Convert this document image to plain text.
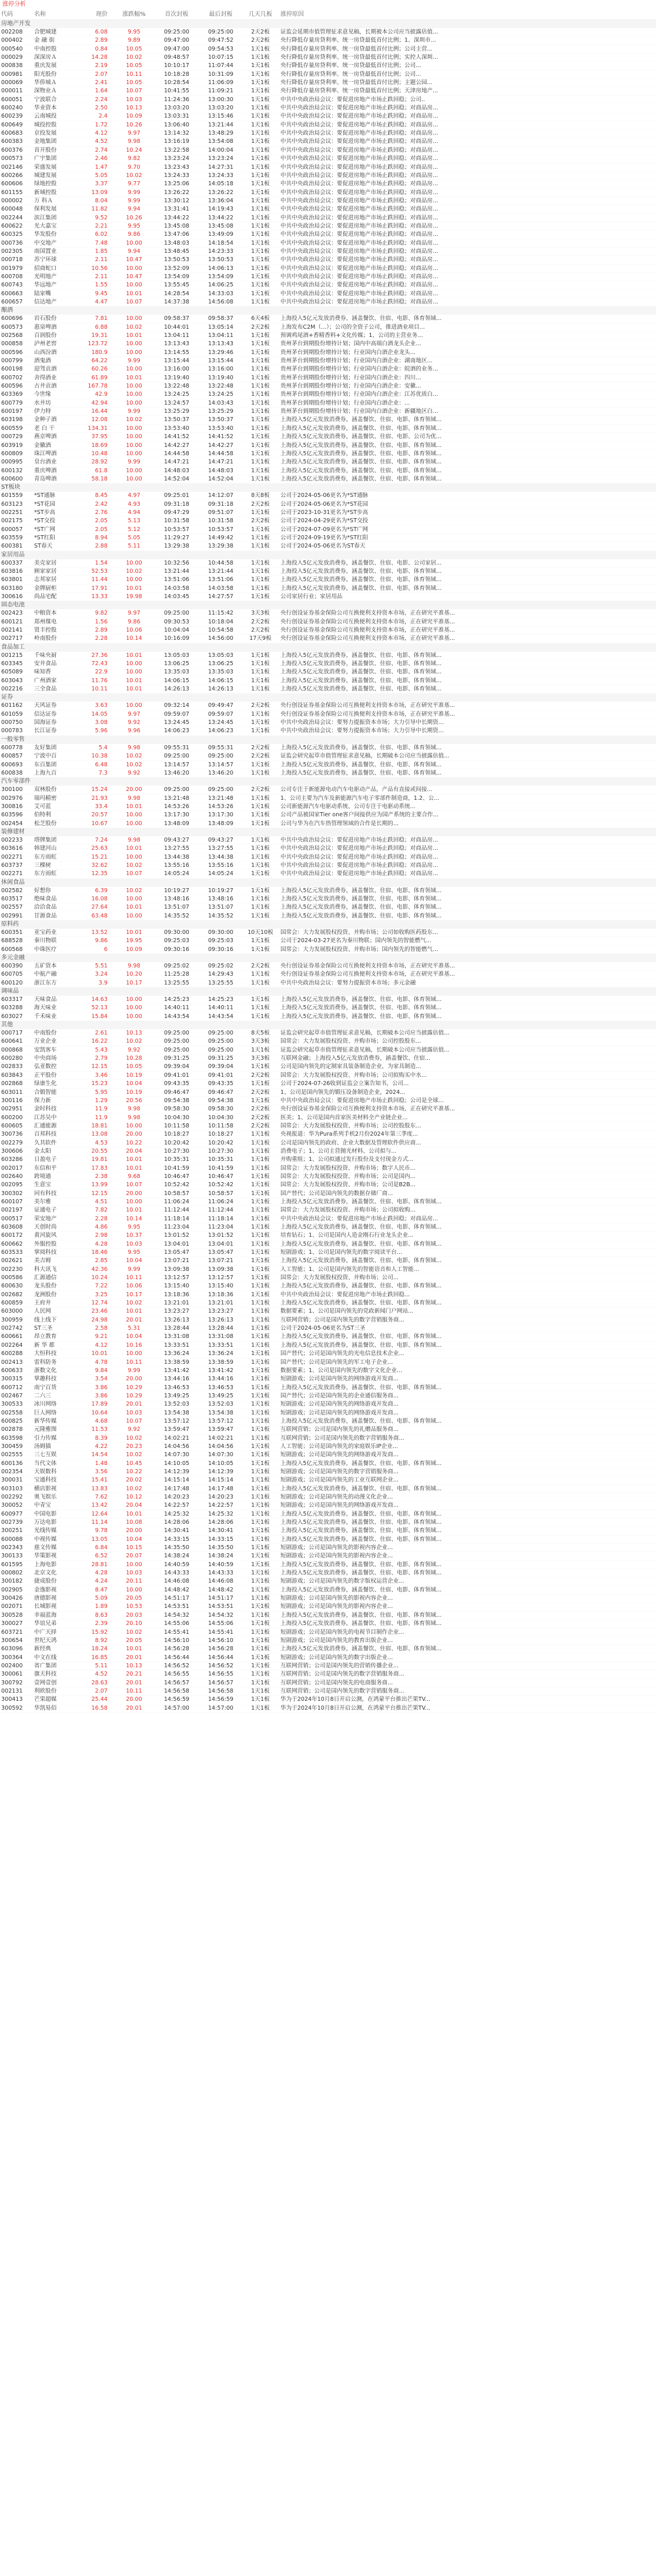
涨停分析
代码	名称	现价	涨跌幅%	首次封板	最后封板	几天几板	涨停原因
房地产开发
002208	合肥城建	6.08	9.95	09:25:00	09:25:00	2天2板	证监会延期市值管理征求意见稿，长期被本公司应当披露估值...
000402	金 融 街	2.89	9.89	09:47:00	09:47:52	2天2板	央行降低存量房贷利率、统一房贷最低首付比例；1、深圳市...
000540	中南控股	0.84	10.05	09:47:00	09:54:53	1天1板	央行降低存量房贷利率、统一房贷最低首付比例；公司主营...
000029	深深房Ａ	14.28	10.02	09:48:57	10:07:15	1天1板	央行降低存量房贷利率、统一房贷最低首付比例；实控人深圳...
000838	重庆发展	2.19	10.05	10:10:17	11:07:44	1天1板	央行降低存量房贷利率、统一房贷最低首付比例；公司...
000981	阳光股份	2.07	10.11	10:18:28	10:31:09	1天1板	央行降低存量房贷利率、统一房贷最低首付比例；公司...
000069	华侨城Ａ	2.41	10.05	10:28:54	11:06:09	1天1板	央行降低存量房贷利率、统一房贷最低首付比例；主题公园...
000011	深物业Ａ	1.64	10.07	10:41:55	11:09:21	1天1板	央行降低存量房贷利率、统一房贷最低首付比例；天津房地产...
600051	宁波联合	2.24	10.03	11:24:36	13:00:30	1天1板	中共中央政治局会议：要促进房地产市场止跌回稳；公司..
600240	华业资本	2.50	10.13	13:03:20	13:03:20	1天1板	中共中央政治局会议：要促进房地产市场止跌回稳；对商品房...
600239	云南城投	2.4	10.09	13:03:31	13:15:46	1天1板	中共中央政治局会议：要促进房地产市场止跌回稳；对商品房...
600649	城投控股	1.72	10.26	13:06:40	13:21:44	1天1板	中共中央政治局会议：要促进房地产市场止跌回稳；对商品房...
600683	京投发展	4.12	9.97	13:14:32	13:48:29	1天1板	中共中央政治局会议：要促进房地产市场止跌回稳；对商品房...
600383	金地集团	4.52	9.98	13:16:19	13:54:08	1天1板	中共中央政治局会议：要促进房地产市场止跌回稳；对商品房...
600376	首开股份	2.74	10.24	13:22:58	14:00:04	1天1板	中共中央政治局会议：要促进房地产市场止跌回稳；对商品房...
000573	广宇集团	2.46	9.82	13:23:24	13:23:24	1天1板	中共中央政治局会议：要促进房地产市场止跌回稳；对商品房...
002146	荣盛发展	1.47	9.70	13:23:43	14:27:31	1天1板	中共中央政治局会议：要促进房地产市场止跌回稳；对商品房...
600266	城建发展	5.05	10.02	13:24:33	13:24:33	1天1板	中共中央政治局会议：要促进房地产市场止跌回稳；对商品房...
600606	绿地控股	3.37	9.77	13:25:06	14:05:18	1天1板	中共中央政治局会议：要促进房地产市场止跌回稳；对商品房...
601155	新城控股	13.09	9.99	13:26:22	13:26:22	1天1板	中共中央政治局会议：要促进房地产市场止跌回稳；对商品房...
000002	万 科Ａ	8.04	9.99	13:30:12	13:36:04	1天1板	中共中央政治局会议：要促进房地产市场止跌回稳；对商品房...
600048	保利发展	11.82	9.94	13:31:41	14:19:43	1天1板	中共中央政治局会议：要促进房地产市场止跌回稳；对商品房...
002244	滨江集团	9.52	10.26	13:44:22	13:44:22	1天1板	中共中央政治局会议：要促进房地产市场止跌回稳；对商品房...
600622	光大嘉宝	2.21	9.95	13:45:08	13:45:08	1天1板	中共中央政治局会议：要促进房地产市场止跌回稳；对商品房...
600325	华发股份	6.02	9.86	13:47:06	13:49:09	1天1板	中共中央政治局会议：要促进房地产市场止跌回稳；对商品房...
000736	中交地产	7.48	10.00	13:48:03	14:18:54	1天1板	中共中央政治局会议：要促进房地产市场止跌回稳；对商品房...
002305	南国置业	1.85	9.94	13:48:45	14:23:33	1天1板	中共中央政治局会议：要促进房地产市场止跌回稳；对商品房...
000718	苏宁环球	2.11	10.47	13:50:53	13:50:53	1天1板	中共中央政治局会议：要促进房地产市场止跌回稳；对商品房...
001979	招商蛇口	10.56	10.00	13:52:09	14:06:13	1天1板	中共中央政治局会议：要促进房地产市场止跌回稳；对商品房...
600708	光明地产	2.11	10.47	13:54:09	13:54:09	1天1板	中共中央政治局会议：要促进房地产市场止跌回稳；对商品房...
600743	华远地产	1.55	10.00	13:55:45	14:06:25	1天1板	中共中央政治局会议：要促进房地产市场止跌回稳；对商品房...
600663	陆家嘴	9.45	10.01	14:28:54	14:33:03	1天1板	中共中央政治局会议：要促进房地产市场止跌回稳；对商品房...
600657	信达地产	4.47	10.07	14:37:38	14:56:08	1天1板	中共中央政治局会议：要促进房地产市场止跌回稳；对商品房...
酿酒
600696	岩石股份	7.81	10.00	09:58:37	09:58:37	6天4板	上海投入5亿元发放消费券，涵盖餐饮、住宿、电影、体育领域...
600573	惠泉啤酒	6.88	10.02	10:44:01	13:05:14	2天2板	上海发布C2M（...）；公司的全资子公司，推进酒业项目...
002568	百润股份	19.31	10.01	13:04:11	13:04:11	1天1板	预调鸡尾酒+香精香料+文化传媒；1、公司的主营业务...
000858	泸州老窖	123.72	10.00	13:13:43	13:13:43	1天1板	贵州茅台到期股份增持计划；国内中高端白酒龙头企业...
000596	山西汾酒	180.9	10.00	13:14:55	13:29:46	1天1板	贵州茅台到期股份增持计划；行业国内白酒企业龙头...
000799	酒鬼酒	64.22	9.99	13:15:44	13:15:44	1天1板	贵州茅台到期股份增持计划；行业国内白酒企业：湖南地区...
600198	迎驾贡酒	60.26	10.00	13:16:00	13:16:00	1天1板	贵州茅台到期股份增持计划；行业国内白酒企业：皖酒的业务...
600702	舍得酒业	61.89	10.01	13:19:40	13:19:40	1天1板	贵州茅台到期股份增持计划；行业国内白酒企业：四川...
600596	古井贡酒	167.78	10.00	13:22:48	13:22:48	1天1板	贵州茅台到期股份增持计划；行业国内白酒企业：安徽...
603369	今世缘	42.9	10.00	13:24:25	13:24:25	1天1板	贵州茅台到期股份增持计划；行业国内白酒企业：江苏优质白...
600779	水井坊	42.94	10.00	13:24:57	14:03:43	1天1板	贵州茅台到期股份增持计划；行业国内白酒企业：...
600197	伊力特	16.44	9.99	13:25:29	13:25:29	1天1板	贵州茅台到期股份增持计划；行业国内白酒企业：新疆地区白...
603198	金种子酒	12.08	10.02	13:50:37	13:50:37	1天1板	上海投入5亿元发放消费券，涵盖餐饮、住宿、电影、体育领域...
600559	老 白 干	134.31	10.00	13:53:40	13:53:40	1天1板	上海投入5亿元发放消费券，涵盖餐饮、住宿、电影、体育领域...
000729	燕京啤酒	37.95	10.00	14:41:52	14:41:52	1天1板	上海投入5亿元发放消费券，涵盖餐饮、住宿、电影、公司为优...
603919	金徽酒	18.69	10.00	14:42:27	14:42:27	1天1板	上海投入5亿元发放消费券，涵盖餐饮、住宿、电影、体育领域...
600809	珠江啤酒	10.48	10.00	14:44:58	14:44:58	1天1板	上海投入5亿元发放消费券，涵盖餐饮、住宿、电影、体育领域...
000995	皇台酒业	28.92	9.99	14:47:21	14:47:21	1天1板	上海投入5亿元发放消费券，涵盖餐饮、住宿、电影、体育领域...
600132	重庆啤酒	61.8	10.00	14:48:03	14:48:03	1天1板	上海投入5亿元发放消费券，涵盖餐饮、住宿、电影、体育领域...
600600	青岛啤酒	58.18	10.00	14:52:04	14:52:04	1天1板	上海投入5亿元发放消费券，涵盖餐饮、住宿、电影、体育领域...
ST板块
601559	*ST通脉	8.45	4.97	09:25:01	14:12:07	8天8板	公司于2024-05-06更名为*ST通脉
603123	*ST花园	2.42	4.93	09:31:18	09:31:18	2天2板	公司于2024-05-06更名为*ST花园
002251	*ST步高	2.76	4.94	09:47:29	09:51:07	1天1板	公司于2023-10-31更名为*ST步高
002175	*ST交投	2.05	5.13	10:31:58	10:31:58	2天2板	公司于2024-04-29更名为*ST交投
600057	*ST广网	2.05	5.12	10:53:57	10:53:57	1天1板	公司于2024-07-09更名为*ST广网
603559	*ST红阳	8.94	5.05	11:29:27	14:49:42	1天1板	公司于2024-09-19更名为*ST红阳
600381	ST春天	2.88	5.11	13:29:38	13:29:38	1天1板	公司于2024-05-06更名为ST春天
家居用品
600337	美克家居	1.54	10.00	10:32:56	10:44:58	1天1板	上海投入5亿元发放消费券，涵盖餐饮、住宿、电影、公司家居...
603816	顾家家居	52.53	10.02	13:21:44	13:21:44	1天1板	上海投入5亿元发放消费券，涵盖餐饮、住宿、电影、体育领域...
603801	志邦家居	11.44	10.00	13:51:06	13:51:06	1天1板	上海投入5亿元发放消费券，涵盖餐饮、住宿、电影、体育领域...
603180	金牌厨柜	17.91	10.01	14:03:58	14:03:58	1天1板	上海投入5亿元发放消费券，涵盖餐饮、住宿、电影、体育领域...
300616	尚品宅配	13.33	19.98	14:03:45	14:27:57	1天1板	公司家居行业；家居用品
固态电池
002423	中粮资本	9.82	9.97	09:25:00	11:15:42	3天3板	央行创设证券基金保险公司互换便利支持资本市场，正在研究平准基...
600121	郑州煤电	1.56	9.86	09:30:53	10:18:04	2天2板	央行创设证券基金保险公司互换便利支持资本市场，正在研究平准基...
002141	贤丰控股	2.89	10.06	10:04:04	10:54:58	2天2板	央行创设证券基金保险公司互换便利支持资本市场，正在研究平准基...
002717	岭南股份	2.28	10.14	10:16:09	14:56:00	17天9板	央行创设证券基金保险公司互换便利支持资本市场，正在研究平准基...
食品加工
001215	千味央厨	27.36	10.01	13:05:03	13:05:03	1天1板	上海投入5亿元发放消费券，涵盖餐饮、住宿、电影、体育领域...
603345	安井食品	72.43	10.00	13:06:25	13:06:25	1天1板	上海投入5亿元发放消费券，涵盖餐饮、住宿、电影、体育领域...
605089	味知香	22.9	10.00	13:35:03	13:35:03	1天1板	上海投入5亿元发放消费券，涵盖餐饮、住宿、电影、体育领域...
603043	广州酒家	11.76	10.01	14:06:15	14:06:15	1天1板	上海投入5亿元发放消费券，涵盖餐饮、住宿、电影、体育领域...
002216	三全食品	10.11	10.01	14:26:13	14:26:13	1天1板	上海投入5亿元发放消费券，涵盖餐饮、住宿、电影、体育领域...
证券
601162	天风证券	3.63	10.00	09:32:14	09:49:47	2天2板	央行创设证券基金保险公司互换便利支持资本市场，正在研究平准基...
601059	信达证券	14.05	9.97	09:59:07	09:59:07	1天1板	央行创设证券基金保险公司互换便利支持资本市场，正在研究平准基...
000750	国海证券	3.08	9.92	13:24:45	13:24:45	1天1板	中共中央政治局会议：要努力提振资本市场；大力引导中长期资...
000783	长江证券	5.96	9.96	14:06:23	14:06:23	1天1板	中共中央政治局会议：要努力提振资本市场；大力引导中长期资...
一般零售
600778	友好集团	5.4	9.98	09:55:31	09:55:31	2天2板	上海投入5亿元发放消费券，涵盖餐饮、住宿、电影、体育领域...
600857	宁波中百	10.38	10.02	09:25:00	09:25:00	2天2板	证监会研究起草市值管理征求意见稿，长期破本公司应当披露估值...
600693	东百集团	6.48	10.02	13:14:57	13:14:57	1天1板	上海投入5亿元发放消费券，涵盖餐饮、住宿、电影、体育领域...
600838	上海九百	7.3	9.92	13:46:20	13:46:20	1天1板	上海投入5亿元发放消费券，涵盖餐饮、住宿、电影、体育领域...
汽车零部件
300100	双林股份	15.24	20.00	09:25:00	09:25:00	2天2板	公司专注于新能源电动汽车电驱动产品，产品有直接或间接...
002976	瑞玛精密	21.93	9.98	13:21:48	13:21:48	1天1板	1、公司主要为汽车及新能源汽车电子零部件制造商，1.2、公...
300816	艾可蓝	33.4	10.01	14:53:26	14:53:26	1天1板	公司新能源汽车电驱动系统、公司专注于电驱动系统...
603596	伯特利	20.57	10.00	13:17:30	13:17:30	1天1板	公司产品被国家Tier one客户间接供应为国产系统的主要合作...
002454	松芝股份	10.67	10.00	13:48:09	13:48:09	1天1板	公司与华为在汽车热管理领域的合作是长期的...
装修建材
002233	塔牌集团	7.24	9.98	09:43:27	09:43:27	1天1板	中共中央政治局会议：要促进房地产市场止跌回稳；对商品房...
603616	韩建河山	25.63	10.01	13:27:55	13:27:55	1天1板	中共中央政治局会议：要促进房地产市场止跌回稳；对商品房...
002271	东方雨虹	15.21	10.00	13:44:38	13:44:38	1天1板	中共中央政治局会议：要促进房地产市场止跌回稳；对商品房...
603737	三棵树	32.62	10.02	13:55:16	13:55:16	1天1板	中共中央政治局会议：要促进房地产市场止跌回稳；对商品房...
002271	东方雨虹	12.35	10.07	14:05:24	14:05:24	1天1板	中共中央政治局会议：要促进房地产市场止跌回稳；对商品房...
休闲食品
002582	好想你	6.39	10.02	10:19:27	10:19:27	1天1板	上海投入5亿元发放消费券，涵盖餐饮、住宿、电影、体育领域...
603517	绝味食品	16.08	10.00	13:48:16	13:48:16	1天1板	上海投入5亿元发放消费券，涵盖餐饮、住宿、电影、体育领域...
002557	洽洽食品	27.64	10.01	13:51:07	13:51:07	1天1板	上海投入5亿元发放消费券，涵盖餐饮、住宿、电影、体育领域...
002991	甘源食品	63.48	10.00	14:35:52	14:35:52	1天1板	上海投入5亿元发放消费券，涵盖餐饮、住宿、电影、体育领域...
原料药
600351	亚宝药业	13.52	10.01	09:30:00	09:30:00	10天10板	国常会：大力发展股权投资、并购市场；公司如收购医药股东...
688528	秦川物联	9.86	19.95	09:25:03	09:25:03	1天1板	公司于2024-03-27更名为秦川物联；国内领先的智能燃气...
600568	中珠医疗	6	10.09	09:30:16	09:30:16	1天1板	国常会：大力发展股权投资、并购市场；国内领先的智能燃气...
多元金融
600390	五矿资本	5.51	9.98	09:25:02	09:25:02	2天2板	央行创设证券基金保险公司互换便利支持资本市场，正在研究平准基...
600705	中航产融	3.24	10.20	11:25:28	14:29:43	1天1板	央行创设证券基金保险公司互换便利支持资本市场，正在研究平准基...
600120	浙江东方	3.9	10.17	13:25:55	13:25:55	1天1板	中共中央政治局会议：要努力提振资本市场；多元金融
调味品
603317	天味食品	14.63	10.00	14:25:23	14:25:23	1天1板	上海投入5亿元发放消费券，涵盖餐饮、住宿、电影、体育领域...
603288	海天味业	52.13	10.00	14:40:11	14:40:11	1天1板	上海投入5亿元发放消费券，涵盖餐饮、住宿、电影、体育领域...
603027	千禾味业	15.84	10.00	14:43:54	14:43:54	1天1板	上海投入5亿元发放消费券，涵盖餐饮、住宿、电影、体育领域...
其他
000717	中南股份	2.61	10.13	09:25:00	09:25:00	8天5板	证监会研究起草市值管理征求意见稿，长期破本公司应当披露估值...
600641	万业企业	16.22	10.02	09:25:00	09:25:00	3天3板	国常会：大力发展股权投资、并购市场；公司控股股东...
000868	安凯客车	5.43	9.92	09:25:00	09:25:00	1天1板	证监会研究起草市值管理征求意见稿，长期破本公司应当披露估值...
600280	中央商场	2.79	10.28	09:31:25	09:31:25	3天3板	互联网金融；上海投入5亿元发放消费券，涵盖餐饮、住宿...
002833	弘亚数控	12.15	10.05	09:39:04	09:39:04	1天1板	公司是国内领先的定制家具装备制造企业，为家具制造...
603843	正平股份	3.46	10.19	09:41:01	09:41:01	2天2板	国常会：大力发展股权投资、并购市场；公司拟购买中水...
002868	绿康生化	15.23	10.04	09:43:35	09:43:35	1天1板	公司于2024-07-26收到证监会立案告知书，公司...
603011	合锻智能	5.95	10.19	09:46:47	09:46:47	2天2板	1、公司是国内领先的锻压设备制造企业，2024...
300116	保力新	1.29	20.56	09:54:38	09:54:38	1天1板	中共中央政治局会议：要促进房地产市场止跌回稳；公司是全球...
002951	金时科技	11.9	9.98	09:58:30	09:58:30	2天2板	央行创设证券基金保险公司互换便利支持资本市场，正在研究平准基...
600200	江苏吴中	11.9	9.98	10:04:30	10:04:30	2天2板	医美；1、公司是国内首家医美材料全产业链企业...
600605	汇通能源	18.81	10.00	10:11:58	10:11:58	2天2板	国常会：大力发展股权投资、并购市场；公司控股股东...
300736	百邦科技	13.08	20.00	10:18:27	10:18:27	1天1板	央视报道：华为Pura系列手机2月份2024年第三季度...
002279	久其软件	4.53	10.22	10:20:42	10:20:42	1天1板	公司是国内领先的政府、企业大数据及管理软件供应商...
300606	金太阳	20.55	20.04	10:27:30	10:27:30	1天1板	消费电子；1、公司主营抛光材料、公司拟与...
603286	日盈电子	19.81	10.01	10:35:31	10:35:31	1天1板	并购重组；1、公司拟通过发行股份及支付现金方式...
002017	东信和平	17.83	10.01	10:41:59	10:41:59	1天1板	国常会：大力发展股权投资、并购市场；数字人民币...
002640	跨境通	2.38	9.68	10:46:47	10:46:47	1天1板	国常会：大力发展股权投资、并购市场；公司是国内...
002095	生意宝	13.99	10.07	10:52:42	10:52:42	1天1板	国常会：大力发展股权投资、并购市场；公司是B2B...
300302	同有科技	12.15	20.00	10:58:57	10:58:57	1天1板	国产替代；公司是国内领先的数据存储厂商...
600107	美尔雅	4.51	10.00	11:06:24	11:06:24	1天1板	上海投入5亿元发放消费券，涵盖餐饮、住宿、电影、体育领域...
002197	证通电子	7.82	10.01	11:12:44	11:12:44	1天1板	国常会：大力发展股权投资、并购市场；公司拟收购...
000517	荣安地产	2.28	10.14	11:18:14	11:18:14	1天1板	中共中央政治局会议：要促进房地产市场止跌回稳；对商品房...
603608	天创时尚	4.86	9.95	11:23:04	11:23:04	1天1板	上海投入5亿元发放消费券，涵盖餐饮、住宿、电影、体育领域...
600172	黄河旋风	2.98	10.37	13:01:52	13:01:52	1天1板	培育钻石；1、公司是国内人造金刚石行业龙头企业...
600662	外服控股	4.28	10.03	13:04:01	13:04:01	1天1板	上海投入5亿元发放消费券，涵盖餐饮、住宿、电影、体育领域...
603533	掌阅科技	18.46	9.95	13:05:47	13:05:47	1天1板	短剧游戏；1、公司是国内领先的数字阅读平台...
002621	美吉姆	2.85	10.04	13:07:21	13:07:21	1天1板	上海投入5亿元发放消费券，涵盖餐饮、住宿、电影、体育领域...
002230	科大讯飞	42.36	9.99	13:09:38	13:09:38	1天1板	人工智能；1、公司是国内领先的智能语音和人工智能...
000586	汇源通信	10.24	10.11	13:12:57	13:12:57	1天1板	国常会：大力发展股权投资、并购市场；公司...
600630	龙头股份	7.22	10.06	13:15:40	13:15:40	1天1板	上海投入5亿元发放消费券，涵盖餐饮、住宿、电影、体育领域...
002682	龙洲股份	3.25	10.17	13:18:36	13:18:36	1天1板	中共中央政治局会议：要促进房地产市场止跌回稳...
600859	王府井	12.74	10.02	13:21:01	13:21:01	1天1板	上海投入5亿元发放消费券，涵盖餐饮、住宿、电影、体育领域...
603000	人民网	23.46	10.01	13:23:27	13:23:27	1天1板	数据要素；1、公司是国内领先的党政新闻门户网站...
300959	线上线下	24.98	20.01	13:26:13	13:26:13	1天1板	互联网营销；公司是国内领先的数字营销服务商...
002742	ST三圣	2.58	5.31	13:28:44	13:28:44	1天1板	公司于2024-05-06更名为ST三圣
600661	昂立教育	9.21	10.04	13:31:08	13:31:08	1天1板	上海投入5亿元发放消费券，涵盖餐饮、住宿、电影、体育领域...
002264	新 华 都	4.12	10.16	13:33:51	13:33:51	1天1板	上海投入5亿元发放消费券，涵盖餐饮、住宿、电影、体育领域...
600288	大恒科技	10.01	10.00	13:36:24	13:36:24	1天1板	国产替代；公司是国内领先的光电信息技术企业...
002413	雷科防务	4.78	10.11	13:38:59	13:38:59	1天1板	国产替代；公司是国内领先的军工电子企业...
600633	浙数文化	9.84	9.99	13:41:42	13:41:42	1天1板	数据要素；1、公司是国内领先的数字文化企业...
300315	掌趣科技	3.54	20.00	13:44:16	13:44:16	1天1板	短剧游戏；公司是国内领先的网络游戏开发商...
600712	南宁百货	3.86	10.29	13:46:53	13:46:53	1天1板	上海投入5亿元发放消费券，涵盖餐饮、住宿、电影、体育领域...
002467	二六三	3.86	10.29	13:49:25	13:49:25	1天1板	国产替代；公司是国内领先的企业通信服务商...
300533	冰川网络	17.89	20.01	13:52:03	13:52:03	1天1板	短剧游戏；公司是国内领先的网络游戏开发商...
002558	巨人网络	10.64	10.03	13:54:38	13:54:38	1天1板	短剧游戏；公司是国内领先的网络游戏开发商...
600825	新华传媒	4.68	10.07	13:57:12	13:57:12	1天1板	上海投入5亿元发放消费券，涵盖餐饮、住宿、电影、体育领域...
002878	元隆雅图	11.53	9.92	13:59:47	13:59:47	1天1板	互联网营销；公司是国内领先的礼赠品服务商...
603598	引力传媒	8.39	10.02	14:02:21	14:02:21	1天1板	互联网营销；公司是国内领先的数字营销服务商...
300459	汤姆猫	4.22	20.23	14:04:56	14:04:56	1天1板	人工智能；公司是国内领先的家庭娱乐IP企业...
002555	三七互娱	14.54	10.02	14:07:30	14:07:30	1天1板	短剧游戏；公司是国内领先的网络游戏开发商...
600136	当代文体	1.48	10.45	14:10:05	14:10:05	1天1板	上海投入5亿元发放消费券，涵盖餐饮、住宿、电影、体育领域...
002354	天娱数科	3.56	10.22	14:12:39	14:12:39	1天1板	短剧游戏；公司是国内领先的数字营销服务商...
300031	宝通科技	15.41	20.02	14:15:14	14:15:14	1天1板	短剧游戏；公司是国内领先的工业互联网企业...
603103	横店影视	13.83	10.02	14:17:48	14:17:48	1天1板	上海投入5亿元发放消费券，涵盖餐饮、住宿、电影、体育领域...
002292	奥飞娱乐	7.62	10.12	14:20:23	14:20:23	1天1板	短剧游戏；公司是国内领先的动漫文化企业...
300052	中青宝	13.42	20.04	14:22:57	14:22:57	1天1板	短剧游戏；公司是国内领先的网络游戏开发商...
600977	中国电影	12.64	10.01	14:25:32	14:25:32	1天1板	上海投入5亿元发放消费券，涵盖餐饮、住宿、电影、体育领域...
002739	万达电影	11.14	10.08	14:28:06	14:28:06	1天1板	上海投入5亿元发放消费券，涵盖餐饮、住宿、电影、体育领域...
300251	光线传媒	9.78	20.00	14:30:41	14:30:41	1天1板	上海投入5亿元发放消费券，涵盖餐饮、住宿、电影、体育领域...
600088	中视传媒	13.05	10.04	14:33:15	14:33:15	1天1板	上海投入5亿元发放消费券，涵盖餐饮、住宿、电影、体育领域...
002343	慈文传媒	6.84	10.15	14:35:50	14:35:50	1天1板	短剧游戏；公司是国内领先的影视内容企业...
300133	华策影视	6.52	20.07	14:38:24	14:38:24	1天1板	短剧游戏；公司是国内领先的影视内容企业...
601595	上海电影	28.81	10.00	14:40:59	14:40:59	1天1板	上海投入5亿元发放消费券，涵盖餐饮、住宿、电影、体育领域...
000802	北京文化	4.28	10.03	14:43:33	14:43:33	1天1板	上海投入5亿元发放消费券，涵盖餐饮、住宿、电影、体育领域...
300182	捷成股份	4.24	20.11	14:46:08	14:46:08	1天1板	短剧游戏；公司是国内领先的数字版权运营企业...
002905	金逸影视	8.47	10.00	14:48:42	14:48:42	1天1板	上海投入5亿元发放消费券，涵盖餐饮、住宿、电影、体育领域...
300426	唐德影视	5.09	20.05	14:51:17	14:51:17	1天1板	短剧游戏；公司是国内领先的影视内容企业...
002071	长城影视	1.89	10.53	14:53:51	14:53:51	1天1板	短剧游戏；公司是国内领先的影视内容企业...
300528	幸福蓝海	8.63	20.03	14:54:32	14:54:32	1天1板	上海投入5亿元发放消费券，涵盖餐饮、住宿、电影、体育领域...
300027	华谊兄弟	2.39	20.10	14:55:06	14:55:06	1天1板	上海投入5亿元发放消费券，涵盖餐饮、住宿、电影、体育领域...
603721	中广天择	15.92	10.02	14:55:41	14:55:41	1天1板	短剧游戏；公司是国内领先的电视节目制作企业...
300654	世纪天鸿	8.92	20.05	14:56:10	14:56:10	1天1板	短剧游戏；公司是国内领先的教育出版企业...
603096	新经典	18.24	10.01	14:56:28	14:56:28	1天1板	上海投入5亿元发放消费券，涵盖餐饮、住宿、电影、体育领域...
300364	中文在线	16.85	20.01	14:56:44	14:56:44	1天1板	短剧游戏；公司是国内领先的数字出版企业...
002400	省广集团	5.11	10.13	14:56:52	14:56:52	1天1板	互联网营销；公司是国内领先的营销传播企业...
300061	旗天科技	4.52	20.21	14:56:55	14:56:55	1天1板	互联网营销；公司是国内领先的数字营销服务商...
300792	壹网壹创	28.63	20.01	14:56:57	14:56:57	1天1板	互联网营销；公司是国内领先的电商服务商...
002131	利欧股份	2.07	10.11	14:56:58	14:56:58	1天1板	互联网营销；公司是国内领先的数字营销服务商...
300413	芒果超媒	25.44	20.00	14:56:59	14:56:59	1天1板	华为于2024年10月8日开启公测，在鸿蒙平台推出芒果TV...
300592	华凯易佰	16.58	20.01	14:57:00	14:57:00	1天1板	华为于2024年10月8日开启公测，在鸿蒙平台推出芒果TV...
